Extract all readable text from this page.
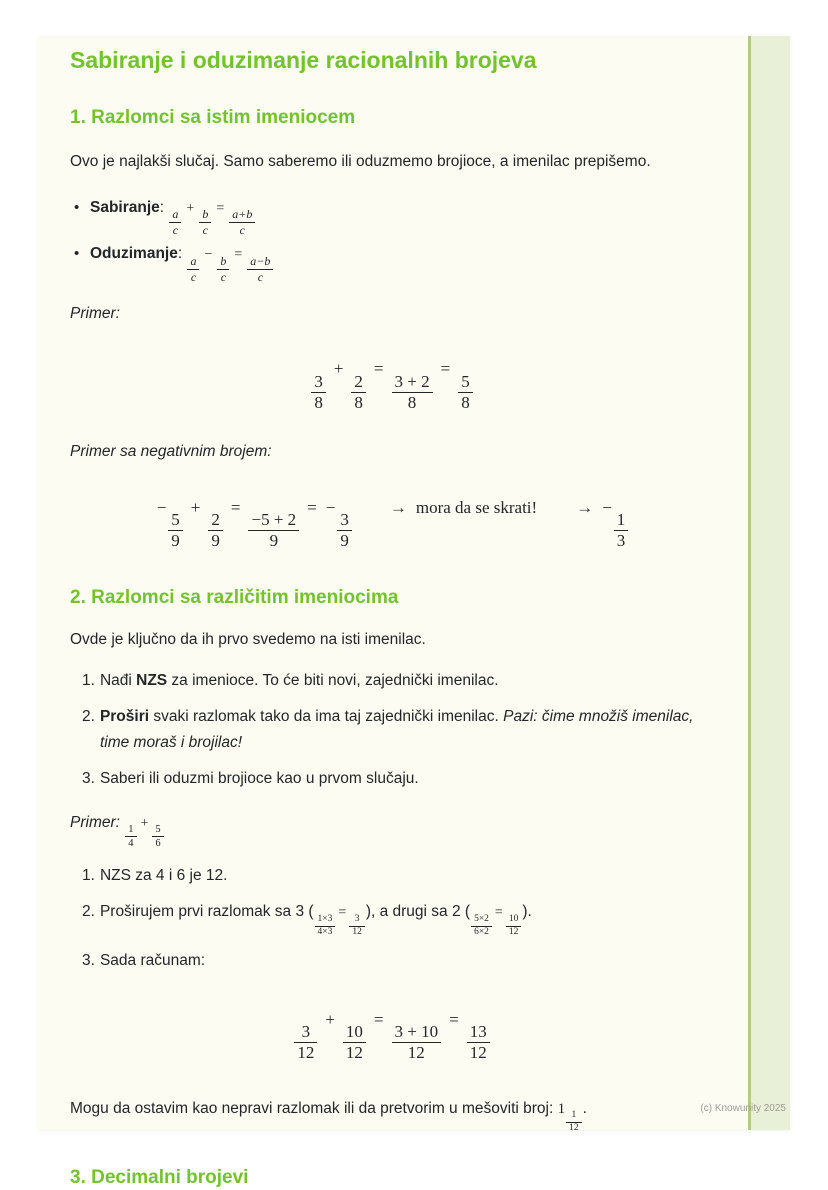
Sabiranje i oduzimanje racionalnih brojeva
1. Razlomci sa istim imeniocem

Ovo je najlakši slučaj. Samo saberemo ili oduzmemo brojioce, a imenilac prepišemo.

• Sabiranje:
$\frac{a}{c}$
+
$\frac{b}{c}$
=
$\frac{a+b}{c}$
• Oduzimanje:
$\frac{a}{c}$
−
$\frac{b}{c}$
=
$\frac{a-b}{c}$

Primer:

$\frac{3}{8}$
+
$\frac{2}{8}$
=
$\frac{3 + 2}{8}$
=
$\frac{5}{8}$

Primer sa negativnim brojem:

−
$\frac{5}{9}$
+
$\frac{2}{9}$
=
$\frac{-5 + 2}{9}$
= −
$\frac{3}{9}$
→ mora da se skrati! → −
$\frac{1}{3}$
2. Razlomci sa različitim imeniocima

Ovde je ključno da ih prvo svedemo na isti imenilac.

1. Nađi NZS za imenioce. To će biti novi, zajednički imenilac.
2. Proširi svaki razlomak tako da ima taj zajednički imenilac. Pazi: čime množiš imenilac, time moraš i brojilac!
3. Saberi ili oduzmi brojioce kao u prvom slučaju.

Primer:
$\frac{1}{4}$
+
$\frac{5}{6}$

1. NZS za 4 i 6 je 12.
2. Proširujem prvi razlomak sa 3 (
$\frac{1\times 3}{4\times 3}$
=
$\frac{3}{12}$
), a drugi sa 2 (
$\frac{5\times 2}{6\times 2}$
=
$\frac{10}{12}$
).
3. Sada računam:
$\frac{3}{12}$
+
$\frac{10}{12}$
=
$\frac{3 + 10}{12}$
=
$\frac{13}{12}$

Mogu da ostavim kao nepravi razlomak ili da pretvorim u mešoviti broj: 1
$\frac{1}{12}$
.

3. Decimalni brojevi
(c) Knowunity 2025
